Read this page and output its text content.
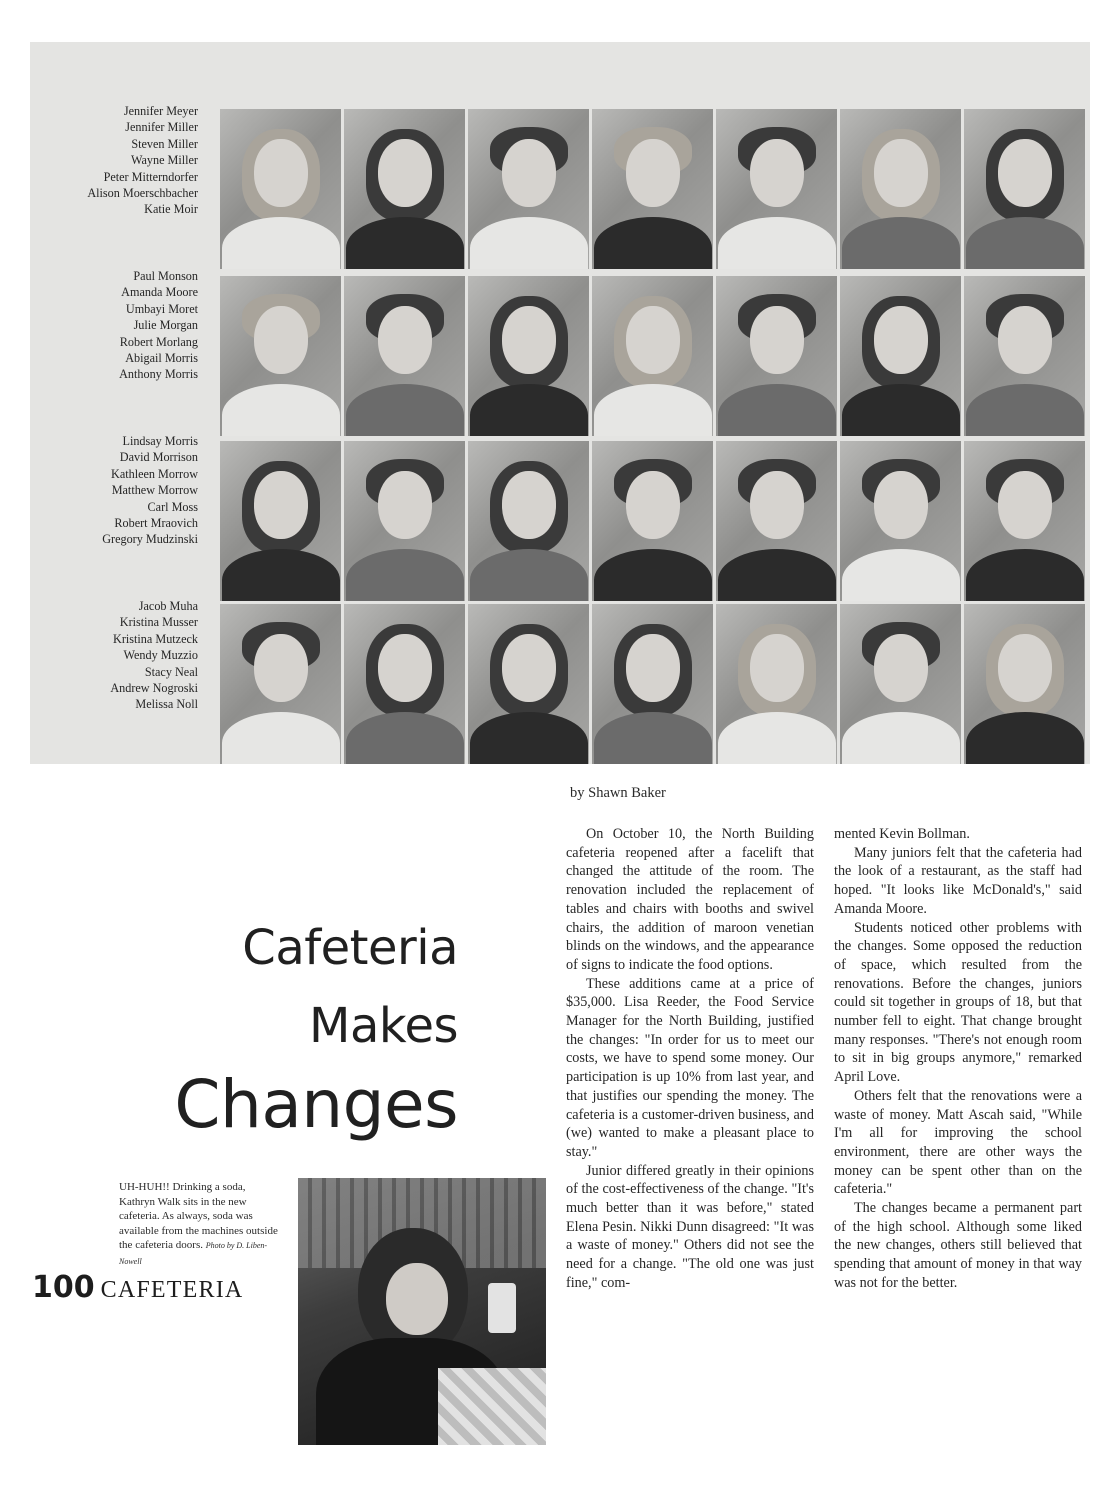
Jennifer Meyer
Jennifer Miller
Steven Miller
Wayne Miller
Peter Mitterndorfer
Alison Moerschbacher
Katie Moir
Paul Monson
Amanda Moore
Umbayi Moret
Julie Morgan
Robert Morlang
Abigail Morris
Anthony Morris
Lindsay Morris
David Morrison
Kathleen Morrow
Matthew Morrow
Carl Moss
Robert Mraovich
Gregory Mudzinski
Jacob Muha
Kristina Musser
Kristina Mutzeck
Wendy Muzzio
Stacy Neal
Andrew Nogroski
Melissa Noll
by Shawn Baker
Cafeteria
Makes
Changes
UH-HUH!! Drinking a soda, Kathryn Walk sits in the new cafeteria. As always, soda was available from the machines outside the cafeteria doors. Photo by D. Liben-Nowell
100 CAFETERIA

On October 10, the North Building cafeteria reopened after a facelift that changed the attitude of the room. The renovation included the replacement of tables and chairs with booths and swivel chairs, the addition of maroon venetian blinds on the windows, and the appearance of signs to indicate the food options.

These additions came at a price of $35,000. Lisa Reeder, the Food Service Manager for the North Building, justified the changes: "In order for us to meet our costs, we have to spend some money. Our participation is up 10% from last year, and that justifies our spending the money. The cafeteria is a customer-driven business, and (we) wanted to make a pleasant place to stay."

Junior differed greatly in their opinions of the cost-effectiveness of the change. "It's much better than it was before," stated Elena Pesin. Nikki Dunn disagreed: "It was a waste of money." Others did not see the need for a change. "The old one was just fine," com-

mented Kevin Bollman.

Many juniors felt that the cafeteria had the look of a restaurant, as the staff had hoped. "It looks like McDonald's," said Amanda Moore.

Students noticed other problems with the changes. Some opposed the reduction of space, which resulted from the renovations. Before the changes, juniors could sit together in groups of 18, but that number fell to eight. That change brought many responses. "There's not enough room to sit in big groups anymore," remarked April Love.

Others felt that the renovations were a waste of money. Matt Ascah said, "While I'm all for improving the school environment, there are other ways the money can be spent other than on the cafeteria."

The changes became a permanent part of the high school. Although some liked the new changes, others still believed that spending that amount of money in that way was not for the better.
